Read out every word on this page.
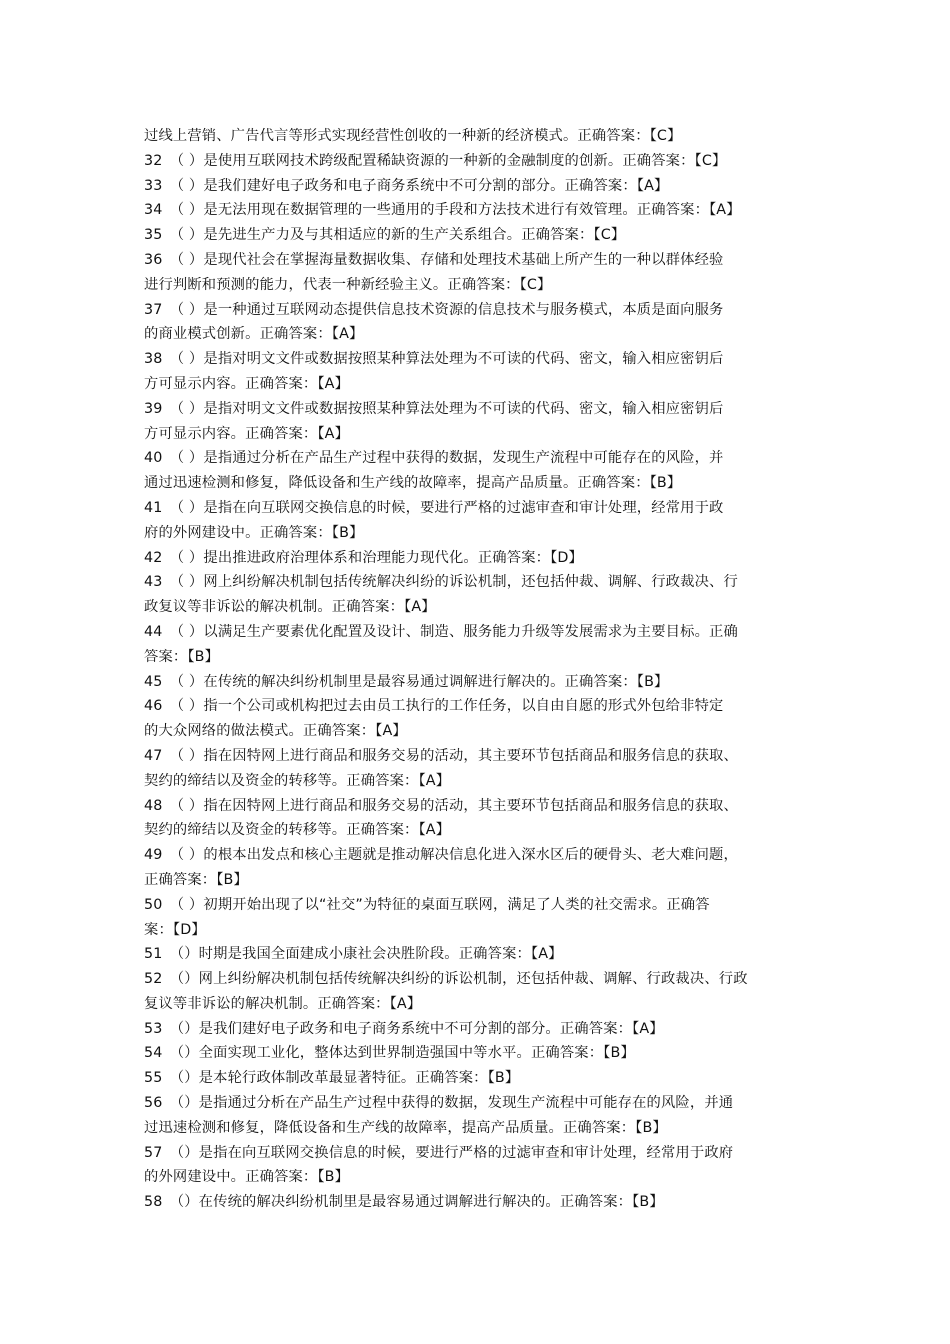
过线上营销、广告代言等形式实现经营性创收的一种新的经济模式。正确答案：【C】
32　（ ）是使用互联网技术跨级配置稀缺资源的一种新的金融制度的创新。正确答案：【C】
33　（ ）是我们建好电子政务和电子商务系统中不可分割的部分。正确答案：【A】
34　（ ）是无法用现在数据管理的一些通用的手段和方法技术进行有效管理。正确答案：【A】
35　（ ）是先进生产力及与其相适应的新的生产关系组合。正确答案：【C】
36　（ ）是现代社会在掌握海量数据收集、存储和处理技术基础上所产生的一种以群体经验
进行判断和预测的能力，代表一种新经验主义。正确答案：【C】
37　（ ）是一种通过互联网动态提供信息技术资源的信息技术与服务模式，本质是面向服务
的商业模式创新。正确答案：【A】
38　（ ）是指对明文文件或数据按照某种算法处理为不可读的代码、密文，输入相应密钥后
方可显示内容。正确答案：【A】
39　（ ）是指对明文文件或数据按照某种算法处理为不可读的代码、密文，输入相应密钥后
方可显示内容。正确答案：【A】
40　（ ）是指通过分析在产品生产过程中获得的数据，发现生产流程中可能存在的风险，并
通过迅速检测和修复，降低设备和生产线的故障率，提高产品质量。正确答案：【B】
41　（ ）是指在向互联网交换信息的时候，要进行严格的过滤审查和审计处理，经常用于政
府的外网建设中。正确答案：【B】
42　（ ）提出推进政府治理体系和治理能力现代化。正确答案：【D】
43　（ ）网上纠纷解决机制包括传统解决纠纷的诉讼机制，还包括仲裁、调解、行政裁决、行
政复议等非诉讼的解决机制。正确答案：【A】
44　（ ）以满足生产要素优化配置及设计、制造、服务能力升级等发展需求为主要目标。正确
答案：【B】
45　（ ）在传统的解决纠纷机制里是最容易通过调解进行解决的。正确答案：【B】
46　（ ）指一个公司或机构把过去由员工执行的工作任务，以自由自愿的形式外包给非特定
的大众网络的做法模式。正确答案：【A】
47　（ ）指在因特网上进行商品和服务交易的活动，其主要环节包括商品和服务信息的获取、
契约的缔结以及资金的转移等。正确答案：【A】
48　（ ）指在因特网上进行商品和服务交易的活动，其主要环节包括商品和服务信息的获取、
契约的缔结以及资金的转移等。正确答案：【A】
49　（ ）的根本出发点和核心主题就是推动解决信息化进入深水区后的硬骨头、老大难问题，
正确答案：【B】
50　（ ）初期开始出现了以“社交”为特征的桌面互联网，满足了人类的社交需求。正确答
案：【D】
51　（）时期是我国全面建成小康社会决胜阶段。正确答案：【A】
52　（）网上纠纷解决机制包括传统解决纠纷的诉讼机制，还包括仲裁、调解、行政裁决、行政
复议等非诉讼的解决机制。正确答案：【A】
53　（）是我们建好电子政务和电子商务系统中不可分割的部分。正确答案：【A】
54　（）全面实现工业化，整体达到世界制造强国中等水平。正确答案：【B】
55　（）是本轮行政体制改革最显著特征。正确答案：【B】
56　（）是指通过分析在产品生产过程中获得的数据，发现生产流程中可能存在的风险，并通
过迅速检测和修复，降低设备和生产线的故障率，提高产品质量。正确答案：【B】
57　（）是指在向互联网交换信息的时候，要进行严格的过滤审查和审计处理，经常用于政府
的外网建设中。正确答案：【B】
58　（）在传统的解决纠纷机制里是最容易通过调解进行解决的。正确答案：【B】
